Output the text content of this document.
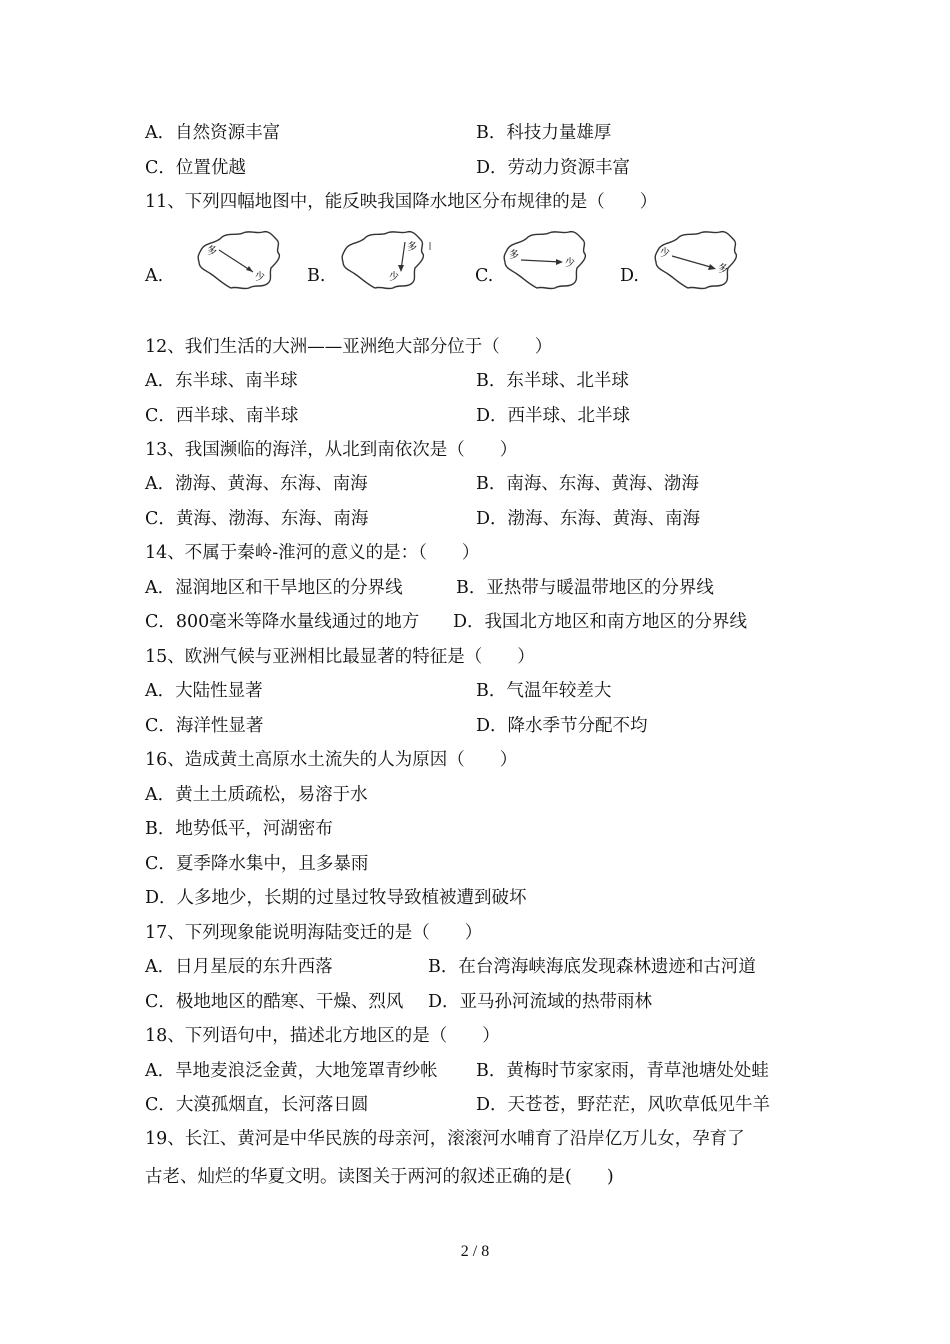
A．自然资源丰富	B．科技力量雄厚
C．位置优越	D．劳动力资源丰富
11、下列四幅地图中，能反映我国降水地区分布规律的是（　　）
A.
多
少 B.
多
少	C.
多
少
D.
少
多
12、我们生活的大洲——亚洲绝大部分位于（　　）
A．东半球、南半球	B．东半球、北半球
C．西半球、南半球	D．西半球、北半球
13、我国濒临的海洋，从北到南依次是（　　）
A．渤海、黄海、东海、南海	B．南海、东海、黄海、渤海
C．黄海、渤海、东海、南海	D．渤海、东海、黄海、南海
14、不属于秦岭-淮河的意义的是：（　　）
A．湿润地区和干旱地区的分界线	B．亚热带与暖温带地区的分界线
C．800毫米等降水量线通过的地方 D．我国北方地区和南方地区的分界线
15、欧洲气候与亚洲相比最显著的特征是（　　）
A．大陆性显著	B．气温年较差大
C．海洋性显著	D．降水季节分配不均
16、造成黄土高原水土流失的人为原因（　　）
A．黄土土质疏松，易溶于水
B．地势低平，河湖密布
C．夏季降水集中，且多暴雨
D．人多地少，长期的过垦过牧导致植被遭到破坏
17、下列现象能说明海陆变迁的是（　　）
A．日月星辰的东升西落	B．在台湾海峡海底发现森林遗迹和古河道
C．极地地区的酷寒、干燥、烈风 D．亚马孙河流域的热带雨林
18、下列语句中，描述北方地区的是（　　）
A．旱地麦浪泛金黄，大地笼罩青纱帐 B．黄梅时节家家雨，青草池塘处处蛙
C．大漠孤烟直，长河落日圆	D．天苍苍，野茫茫，风吹草低见牛羊
19、长江、黄河是中华民族的母亲河，滚滚河水哺育了沿岸亿万儿女，孕育了
古老、灿烂的华夏文明。读图关于两河的叙述正确的是(　　)
2 / 8
